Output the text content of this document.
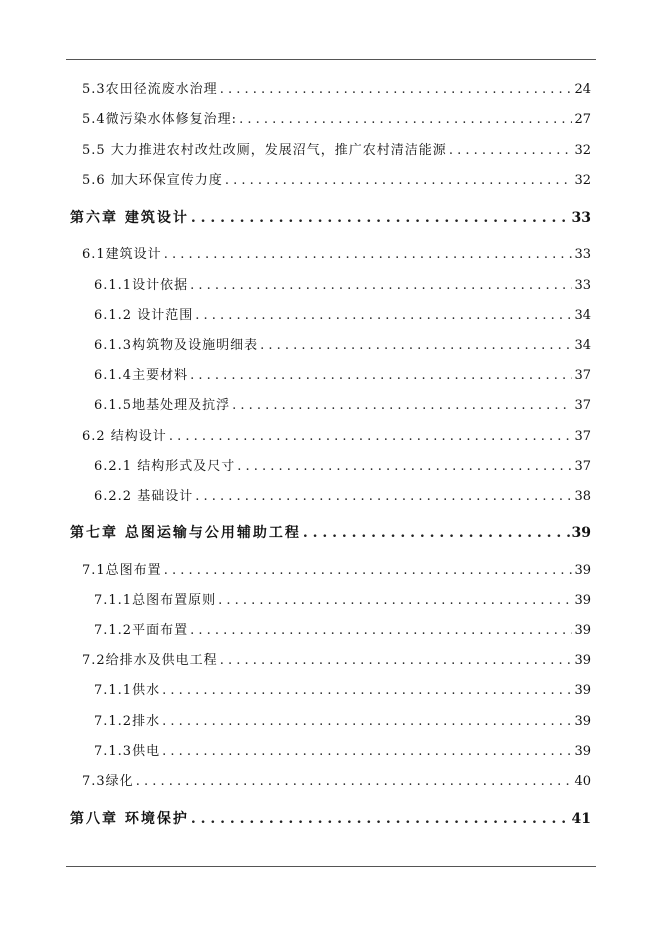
5.3农田径流废水治理 . . .	24
5.4微污染水体修复治理: . . .	27
5.5 大力推进农村改灶改厕，发展沼气，推广农村清洁能源 . . .	32
5.6 加大环保宣传力度 . . .	32
第六章 建筑设计 . . .	33
6.1建筑设计 . . .	33
6.1.1设计依据 . . .	33
6.1.2 设计范围 . . .	34
6.1.3构筑物及设施明细表 . . .	34
6.1.4主要材料 . . .	37
6.1.5地基处理及抗浮 . . .	37
6.2 结构设计 . . .	37
6.2.1 结构形式及尺寸 . . .	37
6.2.2 基础设计 . . .	38
第七章 总图运输与公用辅助工程 . . .	39
7.1总图布置 . . .	39
7.1.1总图布置原则 . . .	39
7.1.2平面布置 . . .	39
7.2给排水及供电工程 . . .	39
7.1.1供水 . . .	39
7.1.2排水 . . .	39
7.1.3供电 . . .	39
7.3绿化 . . .	40
第八章 环境保护 . . .	41
